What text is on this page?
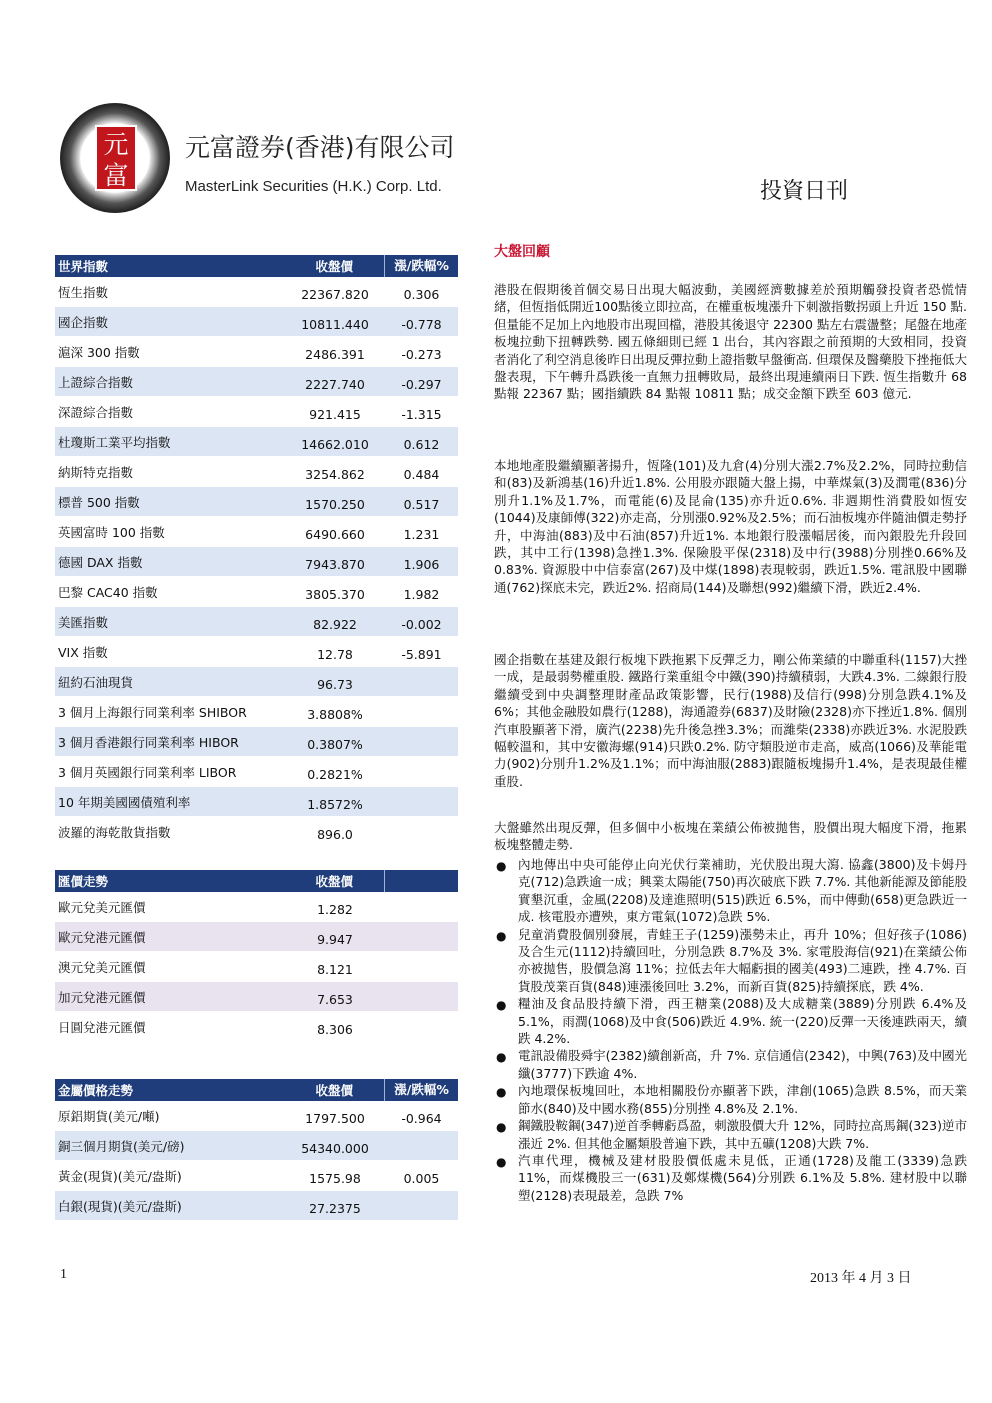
元富
元富證券(香港)有限公司
MasterLink Securities (H.K.) Corp. Ltd.	投資日刊
世界指數	收盤價	漲/跌幅%
恆生指數	22367.820	0.306
國企指數	10811.440	-0.778
滬深 300 指數	2486.391	-0.273
上證綜合指數	2227.740	-0.297
深證綜合指數	921.415	-1.315
杜瓊斯工業平均指數	14662.010	0.612
納斯特克指數	3254.862	0.484
標普 500 指數	1570.250	0.517
英國富時 100 指數	6490.660	1.231
德國 DAX 指數	7943.870	1.906
巴黎 CAC40 指數	3805.370	1.982
美匯指數	82.922	-0.002
VIX 指數	12.78	-5.891
紐約石油現貨	96.73
3 個月上海銀行同業利率 SHIBOR	3.8808%
3 個月香港銀行同業利率 HIBOR	0.3807%
3 個月英國銀行同業利率 LIBOR	0.2821%
10 年期美國國債殖利率	1.8572%
波羅的海乾散貨指數	896.0
匯價走勢	收盤價
歐元兌美元匯價	1.282
歐元兌港元匯價	9.947
澳元兌美元匯價	8.121
加元兌港元匯價	7.653
日圓兌港元匯價	8.306
金屬價格走勢	收盤價	漲/跌幅%
原鋁期貨(美元/噸)	1797.500	-0.964
銅三個月期貨(美元/磅)	54340.000
黃金(現貨)(美元/盎斯)	1575.98	0.005
白銀(現貨)(美元/盎斯)	27.2375
大盤回顧
港股在假期後首個交易日出現大幅波動，美國經濟數據差於預期觸發投資者恐慌情緒，但恆指低開近100點後立即拉高，在權重板塊漲升下刺激指數拐頭上升近 150 點. 但量能不足加上內地股市出現回檔，港股其後退守 22300 點左右震盪整；尾盤在地產板塊拉動下扭轉跌勢. 國五條細則已經 1 出台，其內容跟之前預期的大致相同，投資者消化了利空消息後昨日出現反彈拉動上證指數早盤衝高. 但環保及醫藥股下挫拖低大盤表現，下午轉升爲跌後一直無力扭轉敗局，最終出現連續兩日下跌. 恆生指數升 68 點報 22367 點；國指續跌 84 點報 10811 點；成交金額下跌至 603 億元.
本地地產股繼續顯著揚升，恆隆(101)及九倉(4)分別大漲2.7%及2.2%，同時拉動信和(83)及新鴻基(16)升近1.8%. 公用股亦跟隨大盤上揚，中華煤氣(3)及潤電(836)分別升1.1%及1.7%，而電能(6)及昆侖(135)亦升近0.6%. 非週期性消費股如恆安(1044)及康師傅(322)亦走高，分別漲0.92%及2.5%；而石油板塊亦伴隨油價走勢抒升，中海油(883)及中石油(857)升近1%. 本地銀行股漲幅居後，而內銀股先升段回跌，其中工行(1398)急挫1.3%. 保險股平保(2318)及中行(3988)分別挫0.66%及0.83%. 資源股中中信泰富(267)及中煤(1898)表現較弱，跌近1.5%. 電訊股中國聯通(762)探底未完，跌近2%. 招商局(144)及聯想(992)繼續下滑，跌近2.4%.
國企指數在基建及銀行板塊下跌拖累下反彈乏力，剛公佈業績的中聯重科(1157)大挫一成，是最弱勢權重股. 鐵路行業重組令中鐵(390)持續積弱，大跌4.3%. 二線銀行股繼續受到中央調整理財產品政策影響，民行(1988)及信行(998)分別急跌4.1%及6%；其他金融股如農行(1288)，海通證券(6837)及財險(2328)亦下挫近1.8%. 個別汽車股顯著下滑，廣汽(2238)先升後急挫3.3%；而濰柴(2338)亦跌近3%. 水泥股跌幅較溫和，其中安徽海螺(914)只跌0.2%. 防守類股逆市走高，威高(1066)及華能電力(902)分別升1.2%及1.1%；而中海油服(2883)跟隨板塊揚升1.4%，是表現最佳權重股.
大盤雖然出現反彈，但多個中小板塊在業績公佈被拋售，股價出現大幅度下滑，拖累板塊整體走勢.
● 內地傳出中央可能停止向光伏行業補助，光伏股出現大瀉. 協鑫(3800)及卡姆丹克(712)急跌逾一成；興業太陽能(750)再次破底下跌 7.7%. 其他新能源及節能股實墾沉重，金風(2208)及達進照明(515)跌近 6.5%，而中傳動(658)更急跌近一成. 核電股亦遭殃，東方電氣(1072)急跌 5%.
● 兒童消費股個別發展，青蛙王子(1259)漲勢未止，再升 10%；但好孩子(1086)及合生元(1112)持續回吐，分別急跌 8.7%及 3%. 家電股海信(921)在業績公佈亦被拋售，股價急瀉 11%；拉低去年大幅虧損的國美(493)二連跌，挫 4.7%. 百貨股茂業百貨(848)連漲後回吐 3.2%，而新百貨(825)持續探底，跌 4%.
● 糧油及食品股持續下滑，西王糖業(2088)及大成糖業(3889)分別跌 6.4%及 5.1%，雨潤(1068)及中食(506)跌近 4.9%. 統一(220)反彈一天後連跌兩天，續跌 4.2%.
● 電訊設備股舜宇(2382)續創新高，升 7%. 京信通信(2342)，中興(763)及中國光纖(3777)下跌逾 4%.
● 內地環保板塊回吐，本地相關股份亦顯著下跌，津創(1065)急跌 8.5%，而天業節水(840)及中國水務(855)分別挫 4.8%及 2.1%.
● 鋼鐵股鞍鋼(347)逆首季轉虧爲盈，刺激股價大升 12%，同時拉高馬鋼(323)逆市漲近 2%. 但其他金屬類股普遍下跌，其中五礦(1208)大跌 7%.
● 汽車代理，機械及建材股股價低處未見低，正通(1728)及龍工(3339)急跌 11%，而煤機股三一(631)及鄭煤機(564)分別跌 6.1%及 5.8%. 建材股中以聯塑(2128)表現最差，急跌 7%
1	2013 年 4 月 3 日
